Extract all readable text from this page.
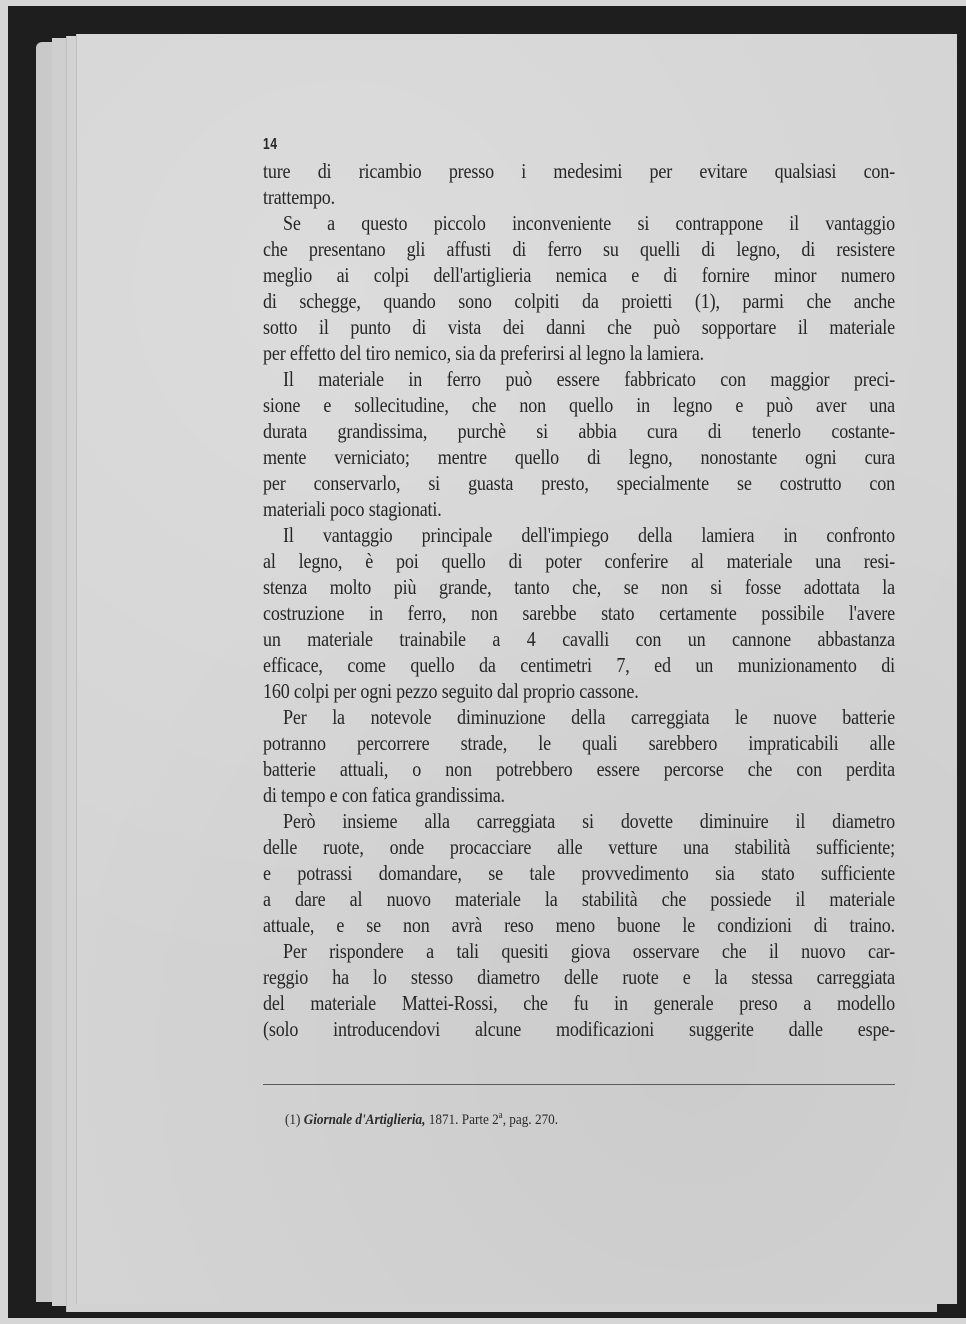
14
ture di ricambio presso i medesimi per evitare qualsiasi con-
trattempo.
Se a questo piccolo inconveniente si contrappone il vantaggio
che presentano gli affusti di ferro su quelli di legno, di resistere
meglio ai colpi dell'artiglieria nemica e di fornire minor numero
di schegge, quando sono colpiti da proietti (1), parmi che anche
sotto il punto di vista dei danni che può sopportare il materiale
per effetto del tiro nemico, sia da preferirsi al legno la lamiera.
Il materiale in ferro può essere fabbricato con maggior preci-
sione e sollecitudine, che non quello in legno e può aver una
durata grandissima, purchè si abbia cura di tenerlo costante-
mente verniciato; mentre quello di legno, nonostante ogni cura
per conservarlo, si guasta presto, specialmente se costrutto con
materiali poco stagionati.
Il vantaggio principale dell'impiego della lamiera in confronto
al legno, è poi quello di poter conferire al materiale una resi-
stenza molto più grande, tanto che, se non si fosse adottata la
costruzione in ferro, non sarebbe stato certamente possibile l'avere
un materiale trainabile a 4 cavalli con un cannone abbastanza
efficace, come quello da centimetri 7, ed un munizionamento di
160 colpi per ogni pezzo seguito dal proprio cassone.
Per la notevole diminuzione della carreggiata le nuove batterie
potranno percorrere strade, le quali sarebbero impraticabili alle
batterie attuali, o non potrebbero essere percorse che con perdita
di tempo e con fatica grandissima.
Però insieme alla carreggiata si dovette diminuire il diametro
delle ruote, onde procacciare alle vetture una stabilità sufficiente;
e potrassi domandare, se tale provvedimento sia stato sufficiente
a dare al nuovo materiale la stabilità che possiede il materiale
attuale, e se non avrà reso meno buone le condizioni di traino.
Per rispondere a tali quesiti giova osservare che il nuovo car-
reggio ha lo stesso diametro delle ruote e la stessa carreggiata
del materiale Mattei-Rossi, che fu in generale preso a modello
(solo introducendovi alcune modificazioni suggerite dalle espe-
(1) Giornale d'Artiglieria, 1871. Parte 2$^a$, pag. 270.
